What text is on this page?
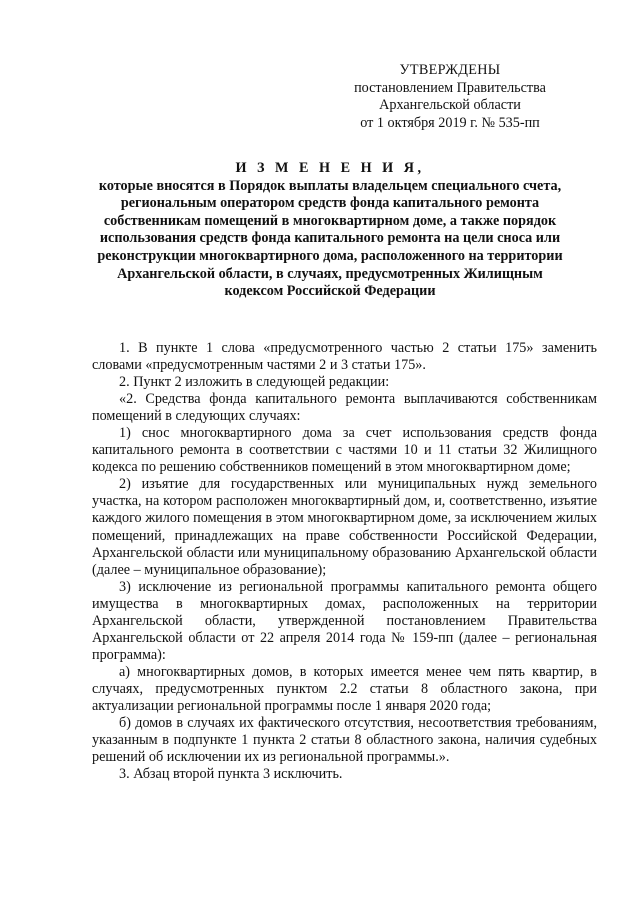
УТВЕРЖДЕНЫ
постановлением Правительства
Архангельской области
от 1 октября 2019 г. № 535-пп
И З М Е Н Е Н И Я,
которые вносятся в Порядок выплаты владельцем специального счета, региональным оператором средств фонда капитального ремонта собственникам помещений в многоквартирном доме, а также порядок использования средств фонда капитального ремонта на цели сноса или реконструкции многоквартирного дома, расположенного на территории Архангельской области, в случаях, предусмотренных Жилищным кодексом Российской Федерации

1. В пункте 1 слова «предусмотренного частью 2 статьи 175» заменить словами «предусмотренным частями 2 и 3 статьи 175».

2. Пункт 2 изложить в следующей редакции:

«2. Средства фонда капитального ремонта выплачиваются собственникам помещений в следующих случаях:

1) снос многоквартирного дома за счет использования средств фонда капитального ремонта в соответствии с частями 10 и 11 статьи 32 Жилищного кодекса по решению собственников помещений в этом многоквартирном доме;

2) изъятие для государственных или муниципальных нужд земельного участка, на котором расположен многоквартирный дом, и, соответственно, изъятие каждого жилого помещения в этом многоквартирном доме, за исключением жилых помещений, принадлежащих на праве собственности Российской Федерации, Архангельской области или муниципальному образованию Архангельской области (далее – муниципальное образование);

3) исключение из региональной программы капитального ремонта общего имущества в многоквартирных домах, расположенных на территории Архангельской области, утвержденной постановлением Правительства Архангельской области от 22 апреля 2014 года № 159-пп (далее – региональная программа):

а) многоквартирных домов, в которых имеется менее чем пять квартир, в случаях, предусмотренных пунктом 2.2 статьи 8 областного закона, при актуализации региональной программы после 1 января 2020 года;

б) домов в случаях их фактического отсутствия, несоответствия требованиям, указанным в подпункте 1 пункта 2 статьи 8 областного закона, наличия судебных решений об исключении их из региональной программы.».

3. Абзац второй пункта 3 исключить.
